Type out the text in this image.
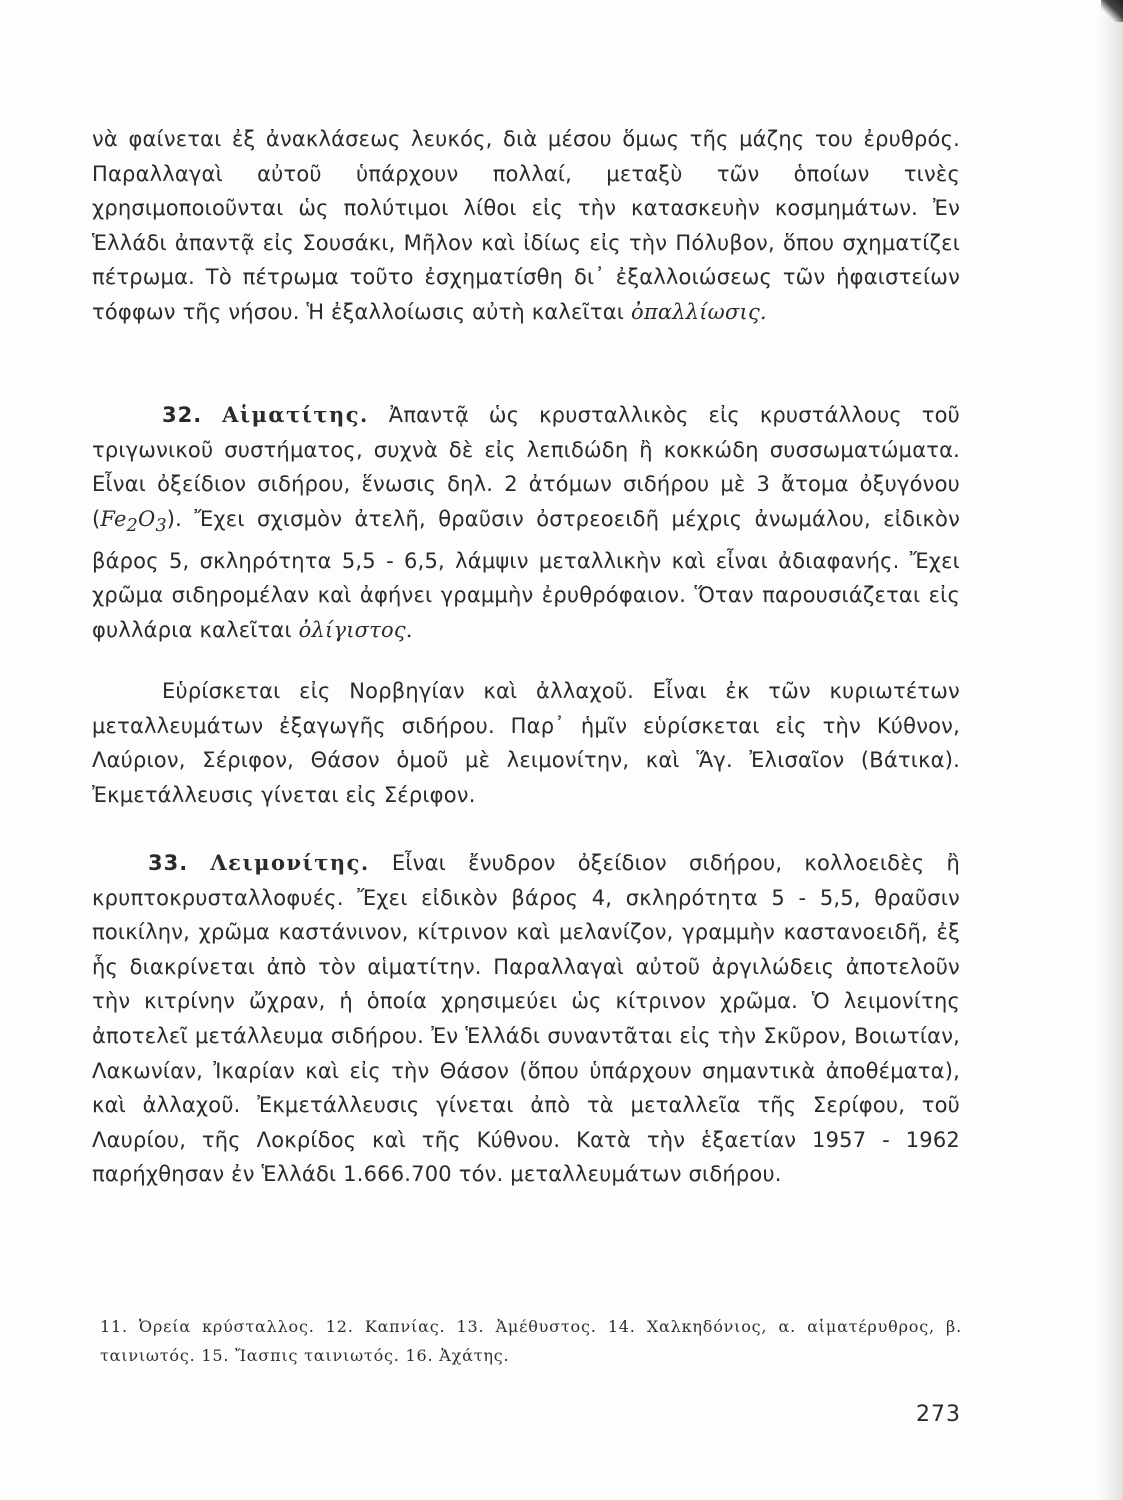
νὰ φαίνεται ἐξ ἀνακλάσεως λευκός, διὰ μέσου ὅμως τῆς μάζης του ἐρυθρός. Παραλλαγαὶ αὐτοῦ ὑπάρχουν πολλαί, μεταξὺ τῶν ὁποίων τινὲς χρησιμοποιοῦνται ὡς πολύτιμοι λίθοι εἰς τὴν κατασκευὴν κοσμημάτων. Ἐν Ἑλλάδι ἀπαντᾷ εἰς Σουσάκι, Μῆλον καὶ ἰδίως εἰς τὴν Πόλυβον, ὅπου σχηματίζει πέτρωμα. Τὸ πέτρωμα τοῦτο ἐσχηματίσθη δι᾽ ἐξαλλοιώσεως τῶν ἡφαιστείων τόφφων τῆς νήσου. Ἡ ἐξαλλοίωσις αὐτὴ καλεῖται ὀπαλλίωσις.

32. Αἱματίτης. Ἀπαντᾷ ὡς κρυσταλλικὸς εἰς κρυστάλλους τοῦ τριγωνικοῦ συστήματος, συχνὰ δὲ εἰς λεπιδώδη ἢ κοκκώδη συσσωματώματα. Εἶναι ὀξείδιον σιδήρου, ἕνωσις δηλ. 2 ἀτόμων σιδήρου μὲ 3 ἄτομα ὀξυγόνου $(Fe_2O_3)$. Ἔχει σχισμὸν ἀτελῆ, θραῦσιν ὀστρεοειδῆ μέχρις ἀνωμάλου, εἰδικὸν βάρος 5, σκληρότητα 5,5 - 6,5, λάμψιν μεταλλικὴν καὶ εἶναι ἀδιαφανής. Ἔχει χρῶμα σιδηρομέλαν καὶ ἀφήνει γραμμὴν ἐρυθρόφαιον. Ὅταν παρουσιάζεται εἰς φυλλάρια καλεῖται ὀλίγιστος.

Εὑρίσκεται εἰς Νορβηγίαν καὶ ἀλλαχοῦ. Εἶναι ἐκ τῶν κυριωτέτων μεταλλευμάτων ἐξαγωγῆς σιδήρου. Παρ᾽ ἡμῖν εὑρίσκεται εἰς τὴν Κύθνον, Λαύριον, Σέριφον, Θάσον ὁμοῦ μὲ λειμονίτην, καὶ Ἅγ. Ἐλισαῖον (Βάτικα). Ἐκμετάλλευσις γίνεται εἰς Σέριφον.

33. Λειμονίτης. Εἶναι ἔνυδρον ὀξείδιον σιδήρου, κολλοειδὲς ἢ κρυπτοκρυσταλλοφυές. Ἔχει εἰδικὸν βάρος 4, σκληρότητα 5 - 5,5, θραῦσιν ποικίλην, χρῶμα καστάνινον, κίτρινον καὶ μελανίζον, γραμμὴν καστανοειδῆ, ἐξ ἧς διακρίνεται ἀπὸ τὸν αἱματίτην. Παραλλαγαὶ αὐτοῦ ἀργιλώδεις ἀποτελοῦν τὴν κιτρίνην ὤχραν, ἡ ὁποία χρησιμεύει ὡς κίτρινον χρῶμα. Ὁ λειμονίτης ἀποτελεῖ μετάλλευμα σιδήρου. Ἐν Ἑλλάδι συναντᾶται εἰς τὴν Σκῦρον, Βοιωτίαν, Λακωνίαν, Ἰκαρίαν καὶ εἰς τὴν Θάσον (ὅπου ὑπάρχουν σημαντικὰ ἀποθέματα), καὶ ἀλλαχοῦ. Ἐκμετάλλευσις γίνεται ἀπὸ τὰ μεταλλεῖα τῆς Σερίφου, τοῦ Λαυρίου, τῆς Λοκρίδος καὶ τῆς Κύθνου. Κατὰ τὴν ἑξαετίαν 1957 - 1962 παρήχθησαν ἐν Ἑλλάδι 1.666.700 τόν. μεταλλευμάτων σιδήρου.

11. Ὀρεία κρύσταλλος. 12. Καπνίας. 13. Ἀμέθυστος. 14. Χαλκηδόνιος, α. αἱματέρυθρος, β. ταινιωτός. 15. Ἴασπις ταινιωτός. 16. Ἀχάτης.

273
